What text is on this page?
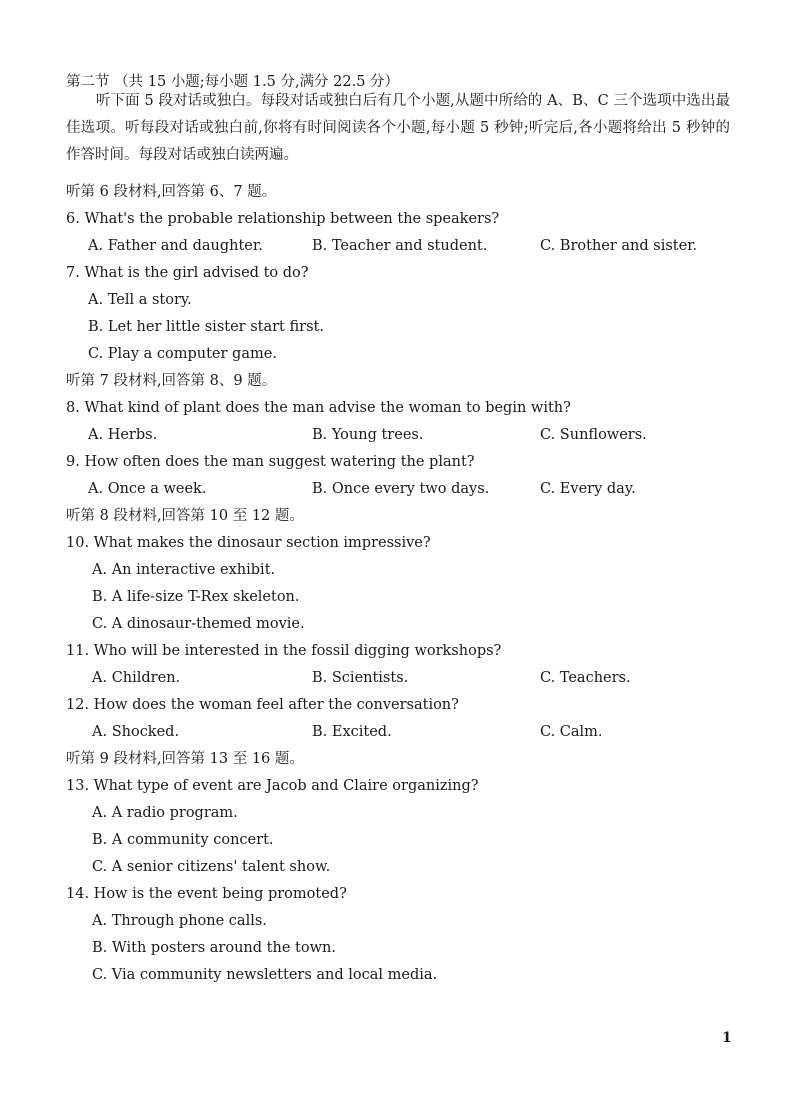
第二节 （共 15 小题;每小题 1.5 分,满分 22.5 分）
听下面 5 段对话或独白。每段对话或独白后有几个小题,从题中所给的 A、B、C 三个选项中选出最佳选项。听每段对话或独白前,你将有时间阅读各个小题,每小题 5 秒钟;听完后,各小题将给出 5 秒钟的作答时间。每段对话或独白读两遍。
听第 6 段材料,回答第 6、7 题。
6. What's the probable relationship between the speakers?
A. Father and daughter.	B. Teacher and student.	C. Brother and sister.
7. What is the girl advised to do?
A. Tell a story.
B. Let her little sister start first.
C. Play a computer game.
听第 7 段材料,回答第 8、9 题。
8. What kind of plant does the man advise the woman to begin with?
A. Herbs.	B. Young trees.	C. Sunflowers.
9. How often does the man suggest watering the plant?
A. Once a week.	B. Once every two days.	C. Every day.
听第 8 段材料,回答第 10 至 12 题。
10. What makes the dinosaur section impressive?
A. An interactive exhibit.
B. A life-size T-Rex skeleton.
C. A dinosaur-themed movie.
11. Who will be interested in the fossil digging workshops?
A. Children.	B. Scientists.	C. Teachers.
12. How does the woman feel after the conversation?
A. Shocked.	B. Excited.	C. Calm.
听第 9 段材料,回答第 13 至 16 题。
13. What type of event are Jacob and Claire organizing?
A. A radio program.
B. A community concert.
C. A senior citizens' talent show.
14. How is the event being promoted?
A. Through phone calls.
B. With posters around the town.
C. Via community newsletters and local media.
1
